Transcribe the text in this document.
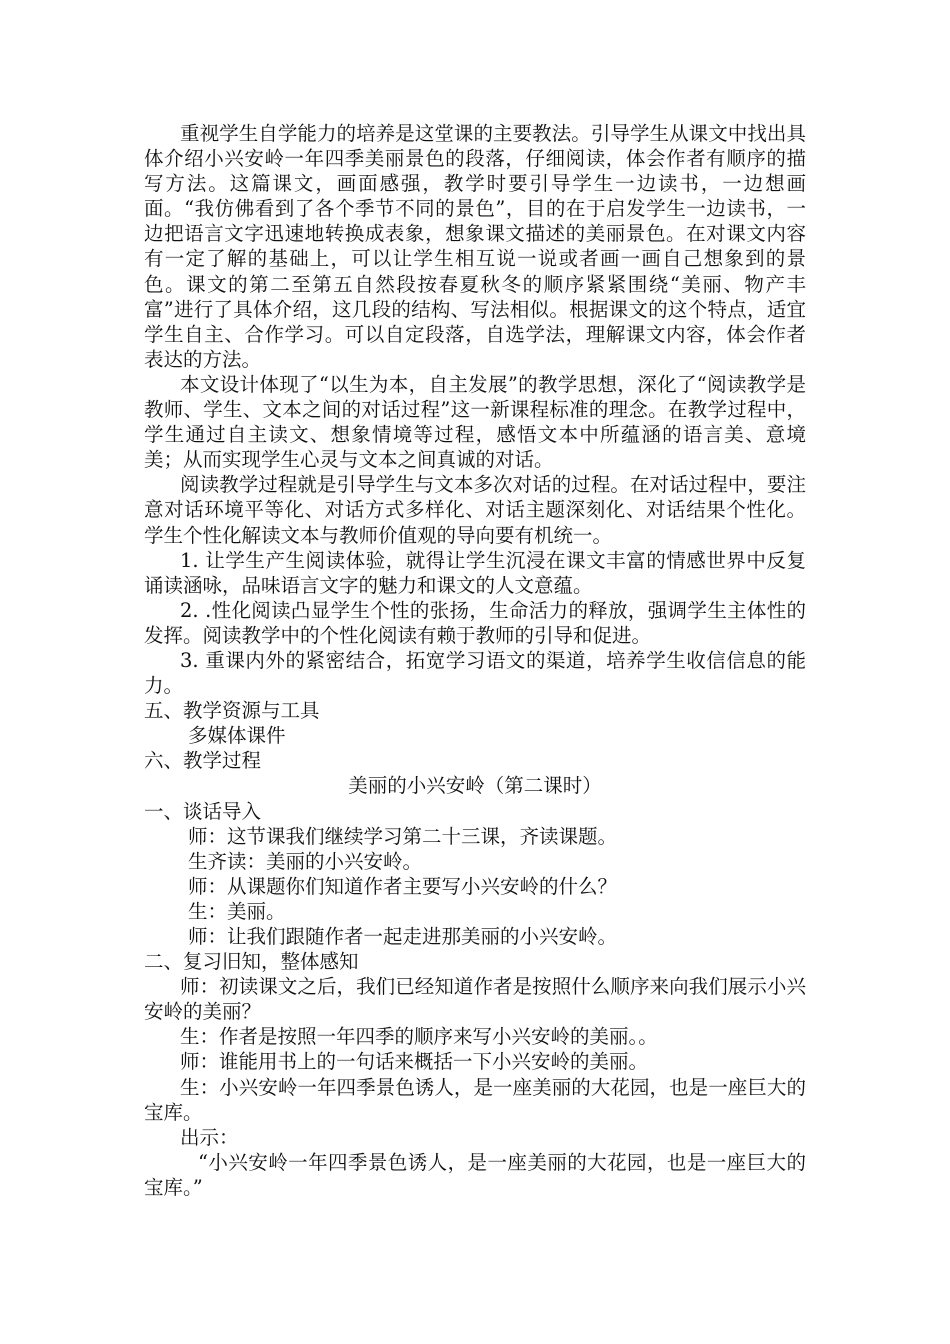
重视学生自学能力的培养是这堂课的主要教法。引导学生从课文中找出具体介绍小兴安岭一年四季美丽景色的段落，仔细阅读，体会作者有顺序的描写方法。这篇课文，画面感强，教学时要引导学生一边读书，一边想画面。“我仿佛看到了各个季节不同的景色”，目的在于启发学生一边读书，一边把语言文字迅速地转换成表象，想象课文描述的美丽景色。在对课文内容有一定了解的基础上，可以让学生相互说一说或者画一画自己想象到的景色。课文的第二至第五自然段按春夏秋冬的顺序紧紧围绕“美丽、物产丰富”进行了具体介绍，这几段的结构、写法相似。根据课文的这个特点，适宜学生自主、合作学习。可以自定段落，自选学法，理解课文内容，体会作者表达的方法。

本文设计体现了“以生为本，自主发展”的教学思想，深化了“阅读教学是教师、学生、文本之间的对话过程”这一新课程标准的理念。在教学过程中，学生通过自主读文、想象情境等过程，感悟文本中所蕴涵的语言美、意境美；从而实现学生心灵与文本之间真诚的对话。

阅读教学过程就是引导学生与文本多次对话的过程。在对话过程中，要注意对话环境平等化、对话方式多样化、对话主题深刻化、对话结果个性化。学生个性化解读文本与教师价值观的导向要有机统一。

1. 让学生产生阅读体验，就得让学生沉浸在课文丰富的情感世界中反复诵读涵咏，品味语言文字的魅力和课文的人文意蕴。

2. .性化阅读凸显学生个性的张扬，生命活力的释放，强调学生主体性的发挥。阅读教学中的个性化阅读有赖于教师的引导和促进。

3. 重课内外的紧密结合，拓宽学习语文的渠道，培养学生收信信息的能力。

五、教学资源与工具

多媒体课件

六、教学过程

美丽的小兴安岭（第二课时）

一、谈话导入

师：这节课我们继续学习第二十三课，齐读课题。

生齐读：美丽的小兴安岭。

师：从课题你们知道作者主要写小兴安岭的什么？

生：美丽。

师：让我们跟随作者一起走进那美丽的小兴安岭。

二、复习旧知，整体感知

师：初读课文之后，我们已经知道作者是按照什么顺序来向我们展示小兴安岭的美丽？

生：作者是按照一年四季的顺序来写小兴安岭的美丽。。

师：谁能用书上的一句话来概括一下小兴安岭的美丽。

生：小兴安岭一年四季景色诱人，是一座美丽的大花园，也是一座巨大的宝库。

出示：

“小兴安岭一年四季景色诱人，是一座美丽的大花园，也是一座巨大的宝库。”
